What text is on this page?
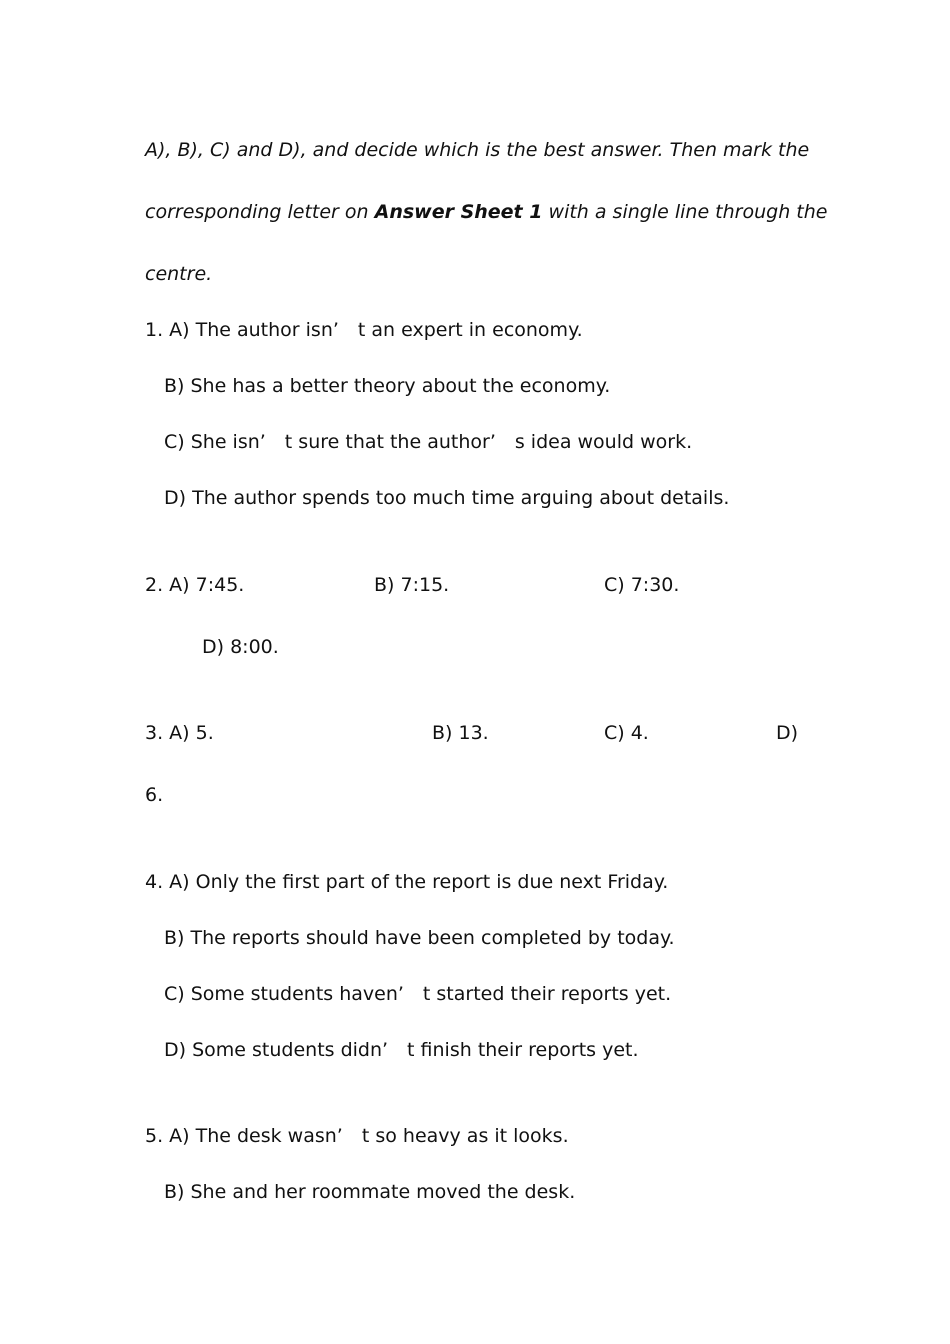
A), B), C) and D), and decide which is the best answer. Then mark the
corresponding letter on Answer Sheet 1 with a single line through the
centre.
1. A) The author isn’　t an expert in economy.
B) She has a better theory about the economy.
C) She isn’　t sure that the author’　s idea would work.
D) The author spends too much time arguing about details.
2. A) 7:45.	B) 7:15.	C) 7:30.
D) 8:00.
3. A) 5.	B) 13.	C) 4.	D)
6.
4. A) Only the first part of the report is due next Friday.
B) The reports should have been completed by today.
C) Some students haven’　t started their reports yet.
D) Some students didn’　t finish their reports yet.
5. A) The desk wasn’　t so heavy as it looks.
B) She and her roommate moved the desk.
